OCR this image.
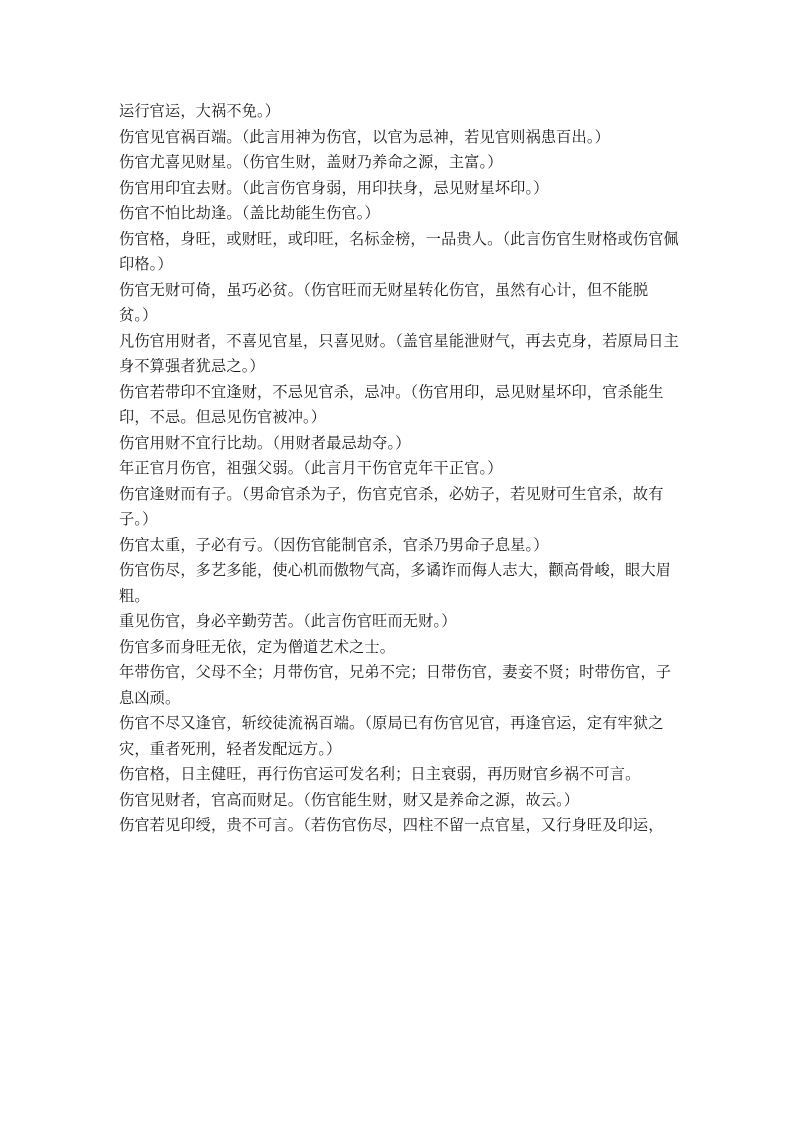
运行官运，大祸不免。）

伤官见官祸百端。（此言用神为伤官，以官为忌神，若见官则祸患百出。）

伤官尤喜见财星。（伤官生财，盖财乃养命之源，主富。）

伤官用印宜去财。（此言伤官身弱，用印扶身，忌见财星坏印。）

伤官不怕比劫逢。（盖比劫能生伤官。）

伤官格，身旺，或财旺，或印旺，名标金榜，一品贵人。（此言伤官生财格或伤官佩印格。）

伤官无财可倚，虽巧必贫。（伤官旺而无财星转化伤官，虽然有心计，但不能脱贫。）

凡伤官用财者，不喜见官星，只喜见财。（盖官星能泄财气，再去克身，若原局日主身不算强者犹忌之。）

伤官若带印不宜逢财，不忌见官杀，忌冲。（伤官用印，忌见财星坏印，官杀能生印，不忌。但忌见伤官被冲。）

伤官用财不宜行比劫。（用财者最忌劫夺。）

年正官月伤官，祖强父弱。（此言月干伤官克年干正官。）

伤官逢财而有子。（男命官杀为子，伤官克官杀，必妨子，若见财可生官杀，故有子。）

伤官太重，子必有亏。（因伤官能制官杀，官杀乃男命子息星。）

伤官伤尽，多艺多能，使心机而傲物气高，多谲诈而侮人志大，颧高骨峻，眼大眉粗。

重见伤官，身必辛勤劳苦。（此言伤官旺而无财。）

伤官多而身旺无依，定为僧道艺术之士。

年带伤官，父母不全；月带伤官，兄弟不完；日带伤官，妻妾不贤；时带伤官，子息凶顽。

伤官不尽又逢官，斩绞徒流祸百端。（原局已有伤官见官，再逢官运，定有牢狱之灾，重者死刑，轻者发配远方。）

伤官格，日主健旺，再行伤官运可发名利；日主衰弱，再历财官乡祸不可言。

伤官见财者，官高而财足。（伤官能生财，财又是养命之源，故云。）

伤官若见印绶，贵不可言。（若伤官伤尽，四柱不留一点官星，又行身旺及印运，
